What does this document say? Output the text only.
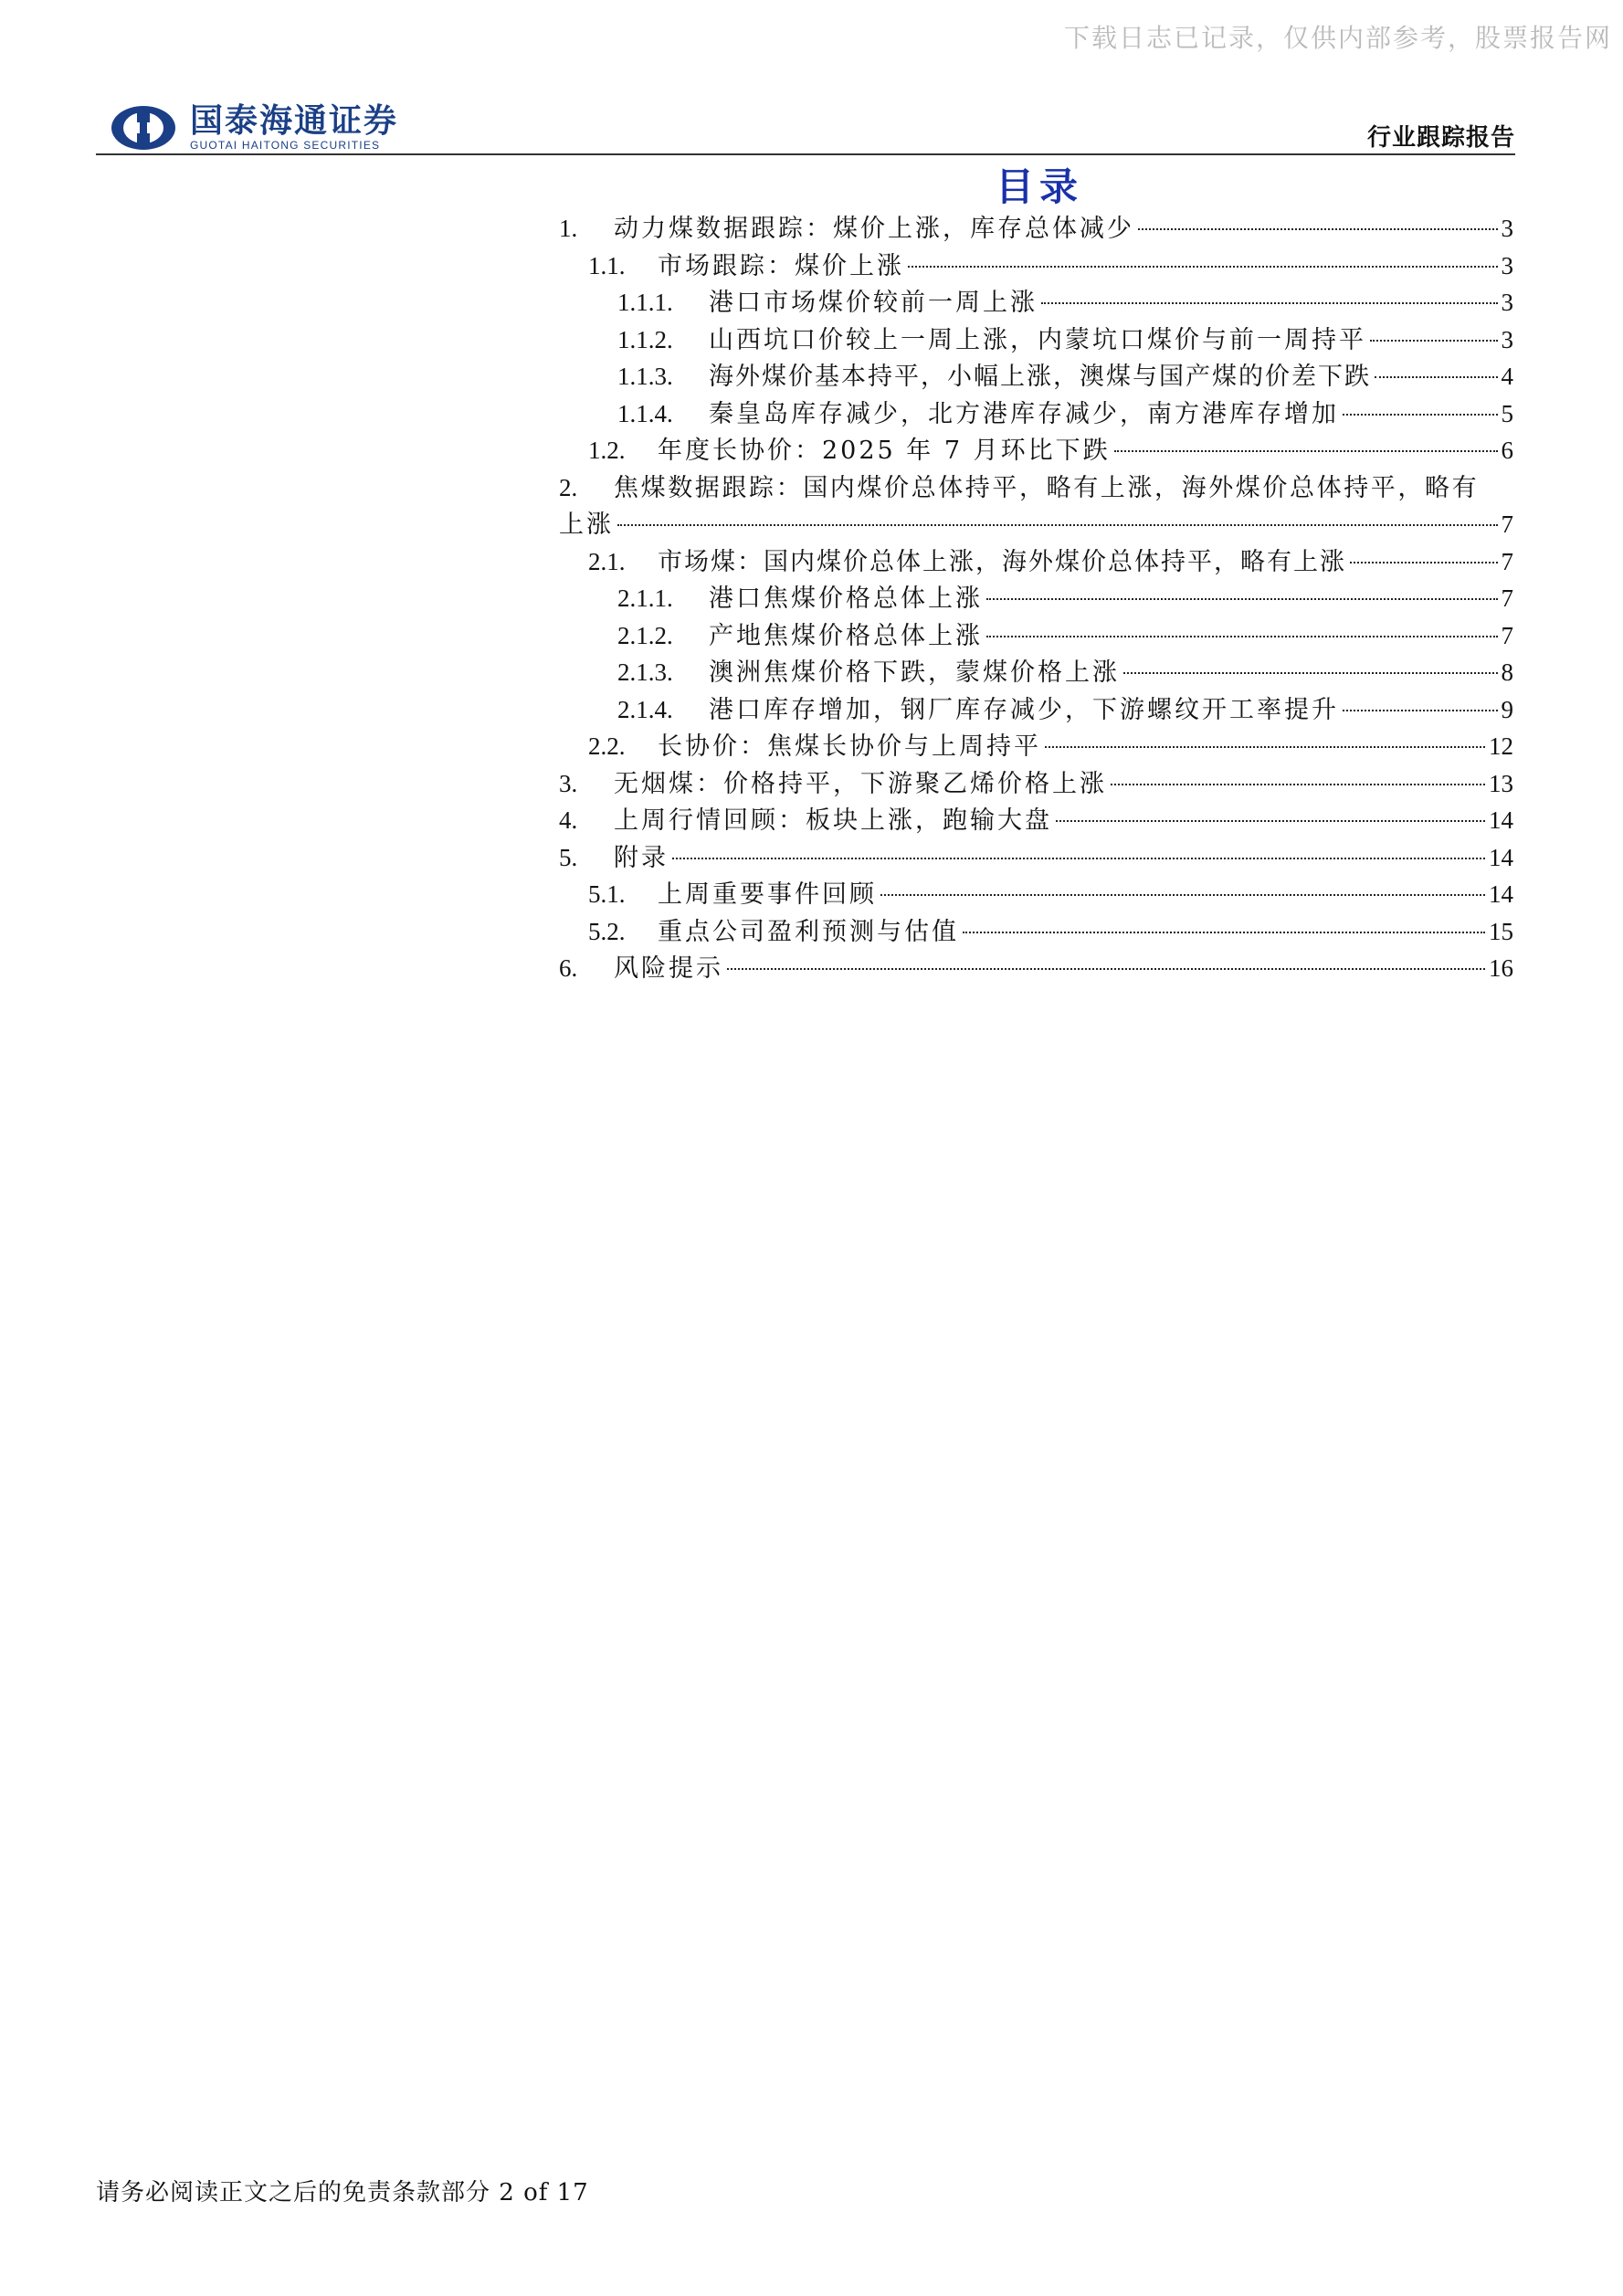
下载日志已记录，仅供内部参考，股票报告网
国泰海通证券
GUOTAI HAITONG SECURITIES	行业跟踪报告
目录
1.	动力煤数据跟踪：煤价上涨，库存总体减少	3
1.1.	市场跟踪：煤价上涨	3
1.1.1.	港口市场煤价较前一周上涨	3
1.1.2.	山西坑口价较上一周上涨，内蒙坑口煤价与前一周持平	3
1.1.3.	海外煤价基本持平，小幅上涨，澳煤与国产煤的价差下跌	4
1.1.4.	秦皇岛库存减少，北方港库存减少，南方港库存增加	5
1.2.	年度长协价：2025 年 7 月环比下跌	6
2.	焦煤数据跟踪：国内煤价总体持平，略有上涨，海外煤价总体持平，略有
上涨	7
2.1.	市场煤：国内煤价总体上涨，海外煤价总体持平，略有上涨	7
2.1.1.	港口焦煤价格总体上涨	7
2.1.2.	产地焦煤价格总体上涨	7
2.1.3.	澳洲焦煤价格下跌，蒙煤价格上涨	8
2.1.4.	港口库存增加，钢厂库存减少，下游螺纹开工率提升	9
2.2.	长协价：焦煤长协价与上周持平	12
3.	无烟煤：价格持平，下游聚乙烯价格上涨	13
4.	上周行情回顾：板块上涨，跑输大盘	14
5.	附录	14
5.1.	上周重要事件回顾	14
5.2.	重点公司盈利预测与估值	15
6.	风险提示	16
请务必阅读正文之后的免责条款部分 2 of 17
